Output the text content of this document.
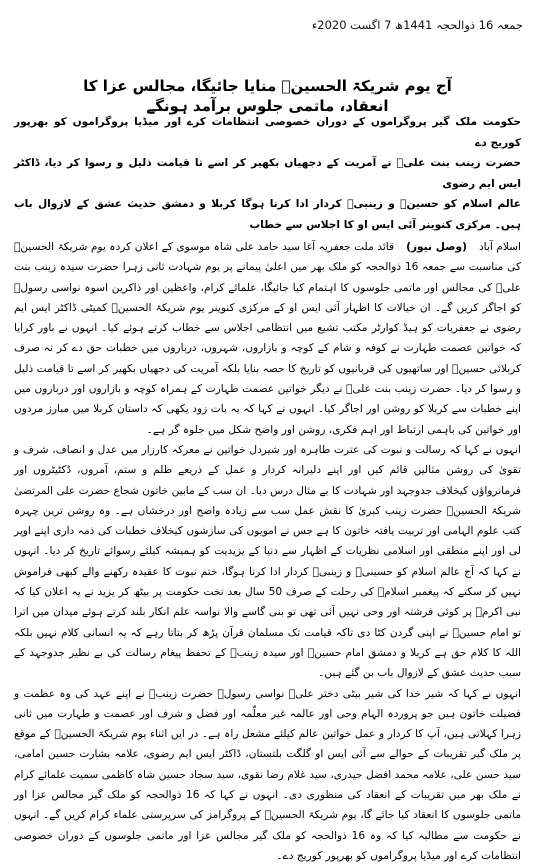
جمعہ 16 ذوالحجہ 1441ھ 7 اگست 2020ء
آج یوم شریکۃ الحسینؑ منایا جائیگا، مجالس عزا کا انعقاد، ماتمی جلوس برآمد ہونگے

حکومت ملک گیر پروگراموں کے دوران خصوصی انتظامات کرے اور میڈیا پروگراموں کو بھرپور کوریج دے

حضرت زینب بنت علیؑ نے آمریت کے دجھیاں بکھیر کر اسے تا قیامت ذلیل و رسوا کر دیا، ڈاکٹر ایس ایم رضوی

عالم اسلام کو حسینؑ و زینبیؑ کردار ادا کرنا ہوگا کربلا و دمشق حدیث عشق کے لازوال باب ہیں۔ مرکزی کنوینر آئی ایس او کا اجلاس سے خطاب

اسلام آباد(وصل نیوز)قائد ملت جعفریہ آغا سید حامد علی شاہ موسوی کے اعلان کردہ یوم شریکۃ الحسینؑ کی مناسبت سے جمعہ 16 ذوالحجہ کو ملک بھر میں اعلیٰ پیمانے پر یوم شہادت ثانی زہرا حضرت سیدہ زینب بنت علیؑ کی مجالس اور ماتمی جلوسوں کا اہتمام کیا جائیگا، علمائے کرام، واعظین اور ذاکرین اسوہ نواسی رسولؐ کو اجاگر کریں گے۔ ان خیالات کا اظہار آئی ایس او کے مرکزی کنوینر یوم شریکۃ الحسینؑ کمیٹی ڈاکٹر ایس ایم رضوی نے جعفریات کو ہیڈ کوارٹر مکتب تشیع میں انتظامی اجلاس سے خطاب کرتے ہوئے کیا۔ انہوں نے باور کرایا کہ خواتین عصمت طہارت نے کوفہ و شام کے کوچہ و بازاروں، شہروں، درباروں میں خطبات حق دے کر نہ صرف کربلائی حسینؑ اور ساتھیوں کی قربانیوں کو تاریخ کا حصہ بنایا بلکہ آمریت کی دجھیاں بکھیر کر اسے تا قیامت ذلیل و رسوا کر دیا۔ حضرت زینب بنت علیؑ نے دیگر خواتین عصمت طہارت کے ہمراہ کوچہ و بازاروں اور درباروں میں اپنے خطبات سے کربلا کو روشن اور اجاگر کیا۔ انہوں نے کہا کہ یہ بات زود یکھی کہ داستان کربلا میں مبارز مردوں اور خواتین کی باہمی ارتباط اور اہم فکری، روشن اور واضح شکل میں جلوہ گر ہے۔

انہوں نے کہا کہ رسالت و نبوت کی عترت طاہرہ اور شیردل خواتین نے معرکہ کارزار میں عدل و انصاف، شرف و تقویٰ کی روشن مثالیں قائم کیں اور اپنے دلیرانہ کردار و عمل کے ذریعے ظلم و ستم، آمروں، ڈکٹیٹروں اور فرمانرواؤں کیخلاف جدوجہد اور شہادت کا بے مثال درس دیا۔ ان سب کے مابین خاتون شجاع حضرت علی المرتضیٰ شریکۃ الحسینؑ حضرت زینب کبریٰ کا نقش عمل سب سے زیادہ واضح اور درخشاں ہے۔ وہ روشن ترین چہرہ کتب علوم الہامی اور تربیت یافتہ خاتون کا ہے جس نے امویوں کی سازشوں کیخلاف خطبات کی ذمہ داری اپنے اوپر لی اور اپنے منطقی اور اسلامی نظریات کے اظہار سے دنیا کے یزیدیت کو ہمیشہ کیلئے رسوائے تاریخ کر دیا۔ انہوں نے کہا کہ آج عالم اسلام کو حسینیؑ و زینبیؑ کردار ادا کرنا ہوگا، ختم نبوت کا عقیدہ رکھنے والے کبھی فراموش نہیں کر سکتے کہ پیغمبر اسلامؐ کی رحلت کے صرف 50 سال بعد تخت حکومت پر بیٹھ کر یزید نے یہ اعلان کیا کہ نبی اکرمؐ پر کوئی فرشتہ اور وحی نہیں آئی تھی تو بنی گاسے والا نواسہ علم انکار بلند کرتے ہوئے میدان میں اترا تو امام حسینؑ نے اپنی گردن کٹا دی تاکہ قیامت تک مسلمان قرآن پڑھ کر بتاتا رہے کہ یہ انسانی کلام نہیں بلکہ اللہ کا کلام حق ہے کربلا و دمشق امام حسینؑ اور سیدہ زینبؑ کے تحفظ پیغام رسالت کی بے نظیر جدوجہد کے سبب حدیث عشق کے لازوال باب بن گئے ہیں۔

انہوں نے کہا کہ شیر خدا کی شیر بیٹی دختر علیؑ نواسی رسولؐ حضرت زینبؑ نے اپنے عہد کی وہ عظمت و فضیلت خاتون ہیں جو پروردہ الہام وحی اور عالمہ غیر معلّمہ اور فضل و شرف اور عصمت و طہارت میں ثانی زہرا کہلاتی ہیں، آپ کا کردار و عمل خواتین عالم کیلئے مشعل راہ ہے۔ در ایں اثناء یوم شریکۃ الحسینؑ کے موقع پر ملک گیر تقریبات کے حوالے سے آئی ایس او گلگت بلتستان، ڈاکٹر ایس ایم رضوی، علامہ بشارت حسین امامی، سید حسن علی، علامہ محمد افضل حیدری، سید غلام رضا نقوی، سید سجاد حسین شاہ کاظمی سمیت علمائے کرام نے ملک بھر میں تقریبات کے انعقاد کی منظوری دی۔ انہوں نے کہا کہ 16 ذوالحجہ کو ملک گیر مجالس عزا اور ماتمی جلوسوں کا انعقاد کیا جائے گا، یوم شریکۃ الحسینؑ کے پروگرامز کی سرپرستی علماء کرام کریں گے۔ انہوں نے حکومت سے مطالبہ کیا کہ وہ 16 ذوالحجہ کو ملک گیر مجالس عزا اور ماتمی جلوسوں کے دوران خصوصی انتظامات کرے اور میڈیا پروگراموں کو بھرپور کوریج دے۔
